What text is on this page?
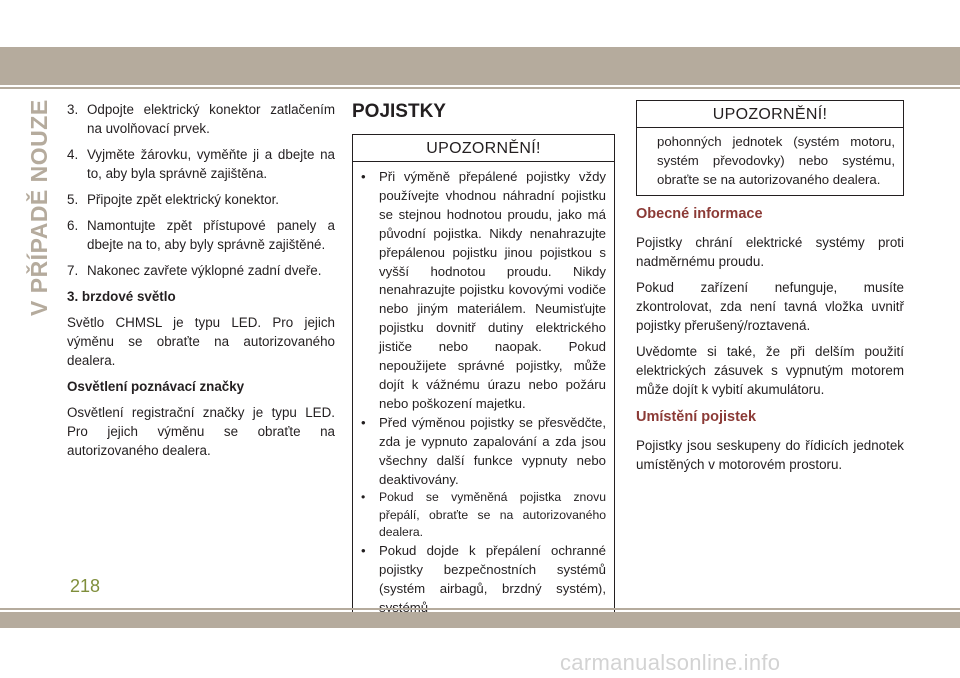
V PŘÍPADĚ NOUZE 3. Odpojte elektrický konektor zatlačením na uvolňovací prvek.
4. Vyjměte žárovku, vyměňte ji a dbejte na to, aby byla správně zajištěna.
5. Připojte zpět elektrický konektor.
6. Namontujte zpět přístupové panely a dbejte na to, aby byly správně zajištěné.
7. Nakonec zavřete výklopné zadní dveře.

3. brzdové světlo

Světlo CHMSL je typu LED. Pro jejich výměnu se obraťte na autorizovaného dealera.

Osvětlení poznávací značky

Osvětlení registrační značky je typu LED. Pro jejich výměnu se obraťte na autorizovaného dealera.

POJISTKY
UPOZORNĚNÍ!
• Při výměně přepálené pojistky vždy používejte vhodnou náhradní pojistku se stejnou hodnotou proudu, jako má původní pojistka. Nikdy nenahrazujte přepálenou pojistku jinou pojistkou s vyšší hodnotou proudu. Nikdy nenahrazujte pojistku kovovými vodiče nebo jiným materiálem. Neumisťujte pojistku dovnitř dutiny elektrického jističe nebo naopak. Pokud nepoužijete správné pojistky, může dojít k vážnému úrazu nebo požáru nebo poškození majetku.
• Před výměnou pojistky se přesvědčte, zda je vypnuto zapalování a zda jsou všechny další funkce vypnuty nebo deaktivovány.
• Pokud se vyměněná pojistka znovu přepálí, obraťte se na autorizovaného dealera.
• Pokud dojde k přepálení ochranné pojistky bezpečnostních systémů (systém airbagů, brzdný systém),
UPOZORNĚNÍ!
pohonných jednotek (systém motoru, systém převodovky) nebo systému, obraťte se na autorizovaného dealera.
Obecné informace

Pojistky chrání elektrické systémy proti nadměrnému proudu.

Pokud zařízení nefunguje, musíte zkontrolovat, zda není tavná vložka uvnitř pojistky přerušený/roztavená.

Uvědomte si také, že při delším použití elektrických zásuvek s vypnutým motorem může dojít k vybití akumulátoru.

Umístění pojistek

Pojistky jsou seskupeny do řídicích jednotek umístěných v motorovém prostoru.

218
carmanualsonline.info
